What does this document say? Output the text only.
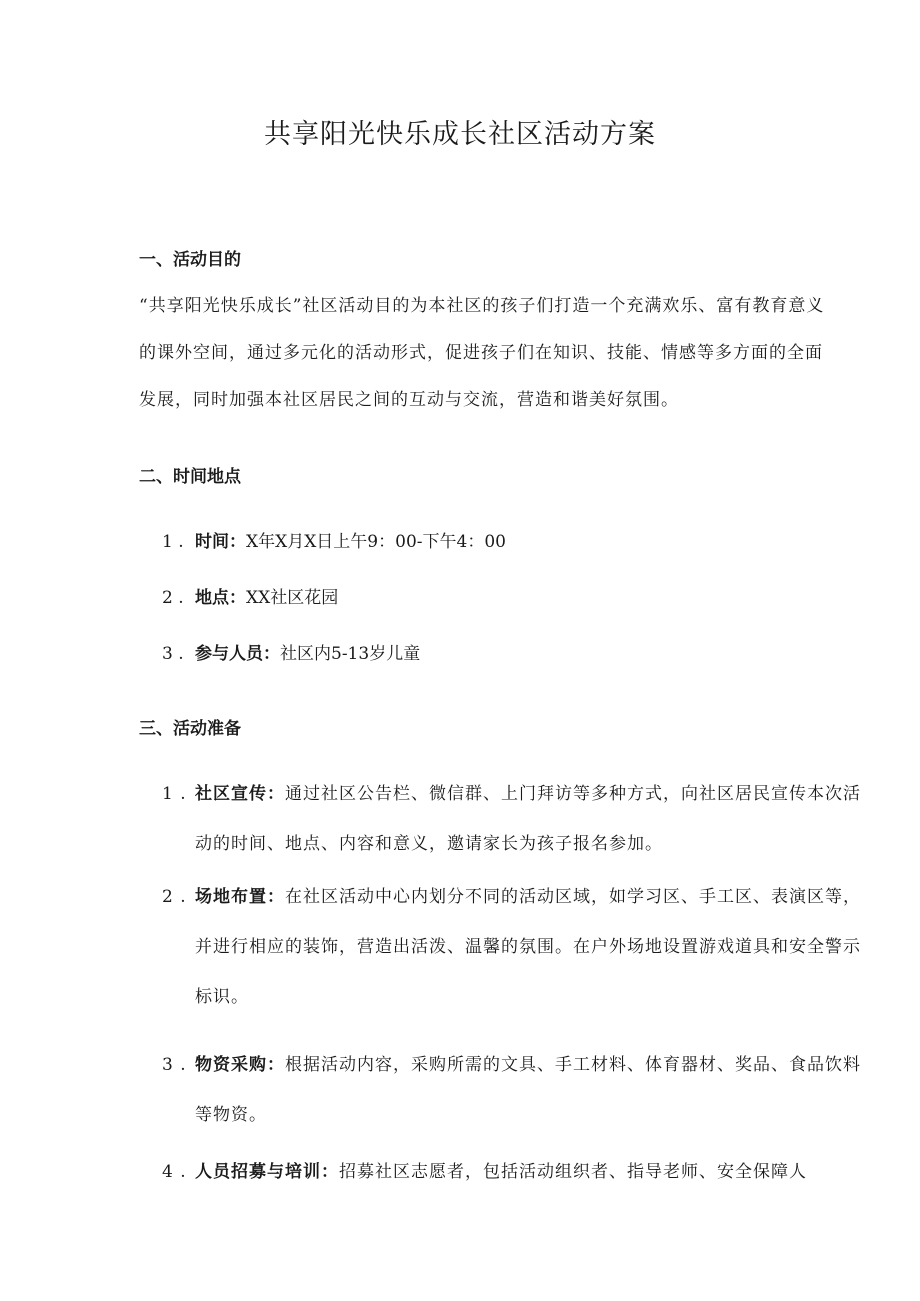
共享阳光快乐成长社区活动方案
一、活动目的

“共享阳光快乐成长”社区活动目的为本社区的孩子们打造一个充满欢乐、富有教育意义的课外空间，通过多元化的活动形式，促进孩子们在知识、技能、情感等多方面的全面发展，同时加强本社区居民之间的互动与交流，营造和谐美好氛围。

二、时间地点

1 . 时间：X年X月X日上午9：00-下午4：00

2 . 地点：XX社区花园

3 . 参与人员：社区内5-13岁儿童

三、活动准备

1 . 社区宣传：通过社区公告栏、微信群、上门拜访等多种方式，向社区居民宣传本次活动的时间、地点、内容和意义，邀请家长为孩子报名参加。

2 . 场地布置：在社区活动中心内划分不同的活动区域，如学习区、手工区、表演区等，并进行相应的装饰，营造出活泼、温馨的氛围。在户外场地设置游戏道具和安全警示标识。

3 . 物资采购：根据活动内容，采购所需的文具、手工材料、体育器材、奖品、食品饮料等物资。

4 . 人员招募与培训：招募社区志愿者，包括活动组织者、指导老师、安全保障人
